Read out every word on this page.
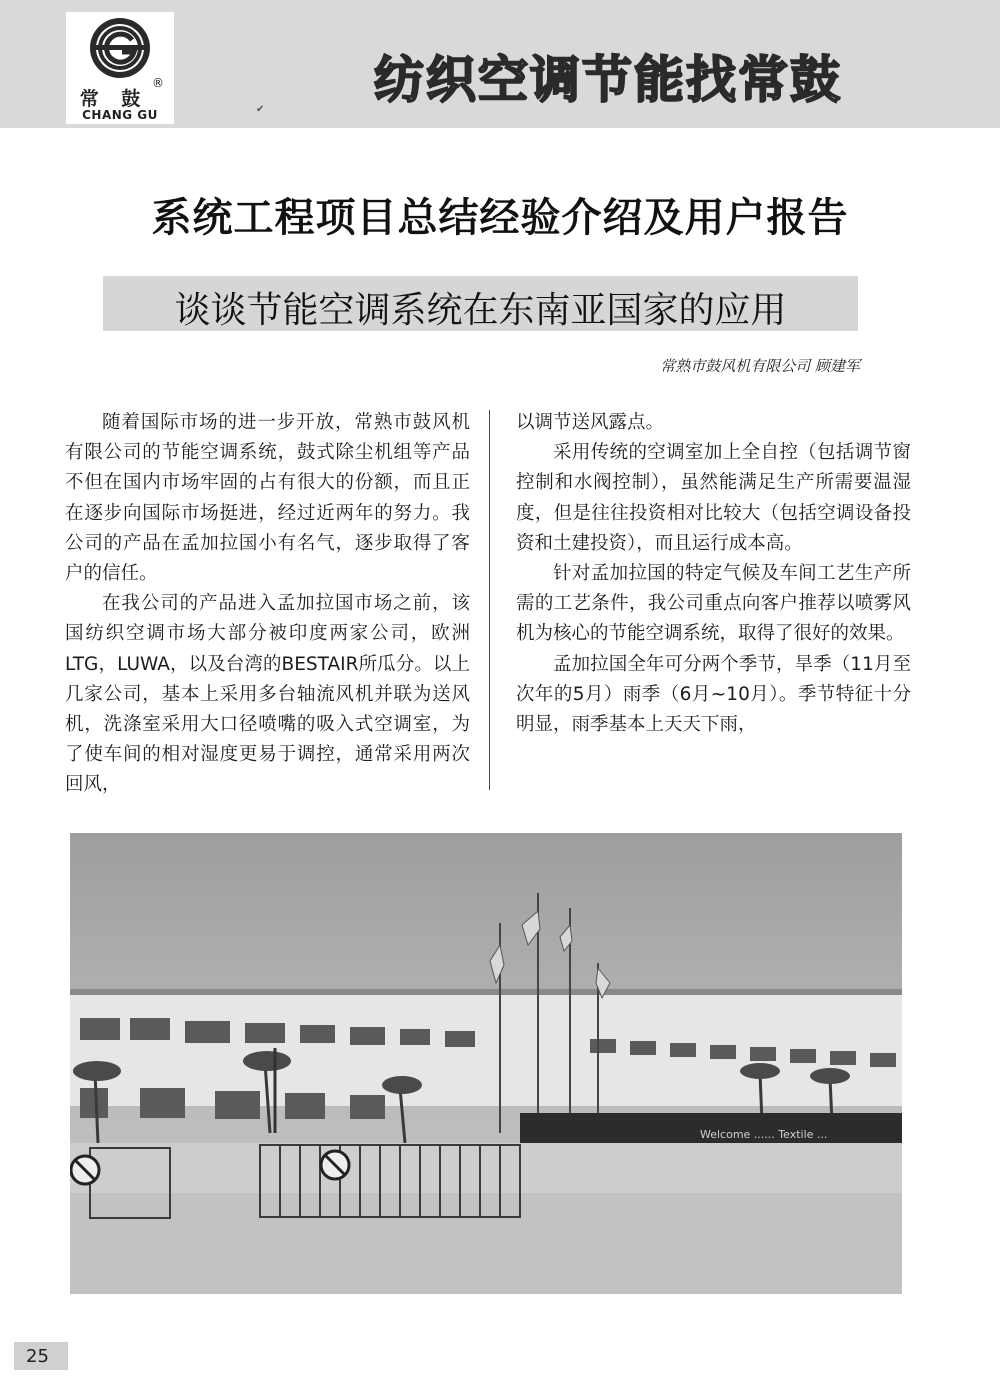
常 鼓
®
CHANG GU	✔
纺织空调节能找常鼓
系统工程项目总结经验介绍及用户报告
谈谈节能空调系统在东南亚国家的应用
常熟市鼓风机有限公司 顾建军

随着国际市场的进一步开放，常熟市鼓风机有限公司的节能空调系统，鼓式除尘机组等产品不但在国内市场牢固的占有很大的份额，而且正在逐步向国际市场挺进，经过近两年的努力。我公司的产品在孟加拉国小有名气，逐步取得了客户的信任。

在我公司的产品进入孟加拉国市场之前，该国纺织空调市场大部分被印度两家公司，欧洲LTG，LUWA，以及台湾的BESTAIR所瓜分。以上几家公司，基本上采用多台轴流风机并联为送风机，洗涤室采用大口径喷嘴的吸入式空调室，为了使车间的相对湿度更易于调控，通常采用两次回风，

以调节送风露点。

采用传统的空调室加上全自控（包括调节窗控制和水阀控制），虽然能满足生产所需要温湿度，但是往往投资相对比较大（包括空调设备投资和土建投资），而且运行成本高。

针对孟加拉国的特定气候及车间工艺生产所需的工艺条件，我公司重点向客户推荐以喷雾风机为核心的节能空调系统，取得了很好的效果。

孟加拉国全年可分两个季节，旱季（11月至次年的5月）雨季（6月~10月）。季节特征十分明显，雨季基本上天天下雨，

Welcome ...... Textile ...
25
